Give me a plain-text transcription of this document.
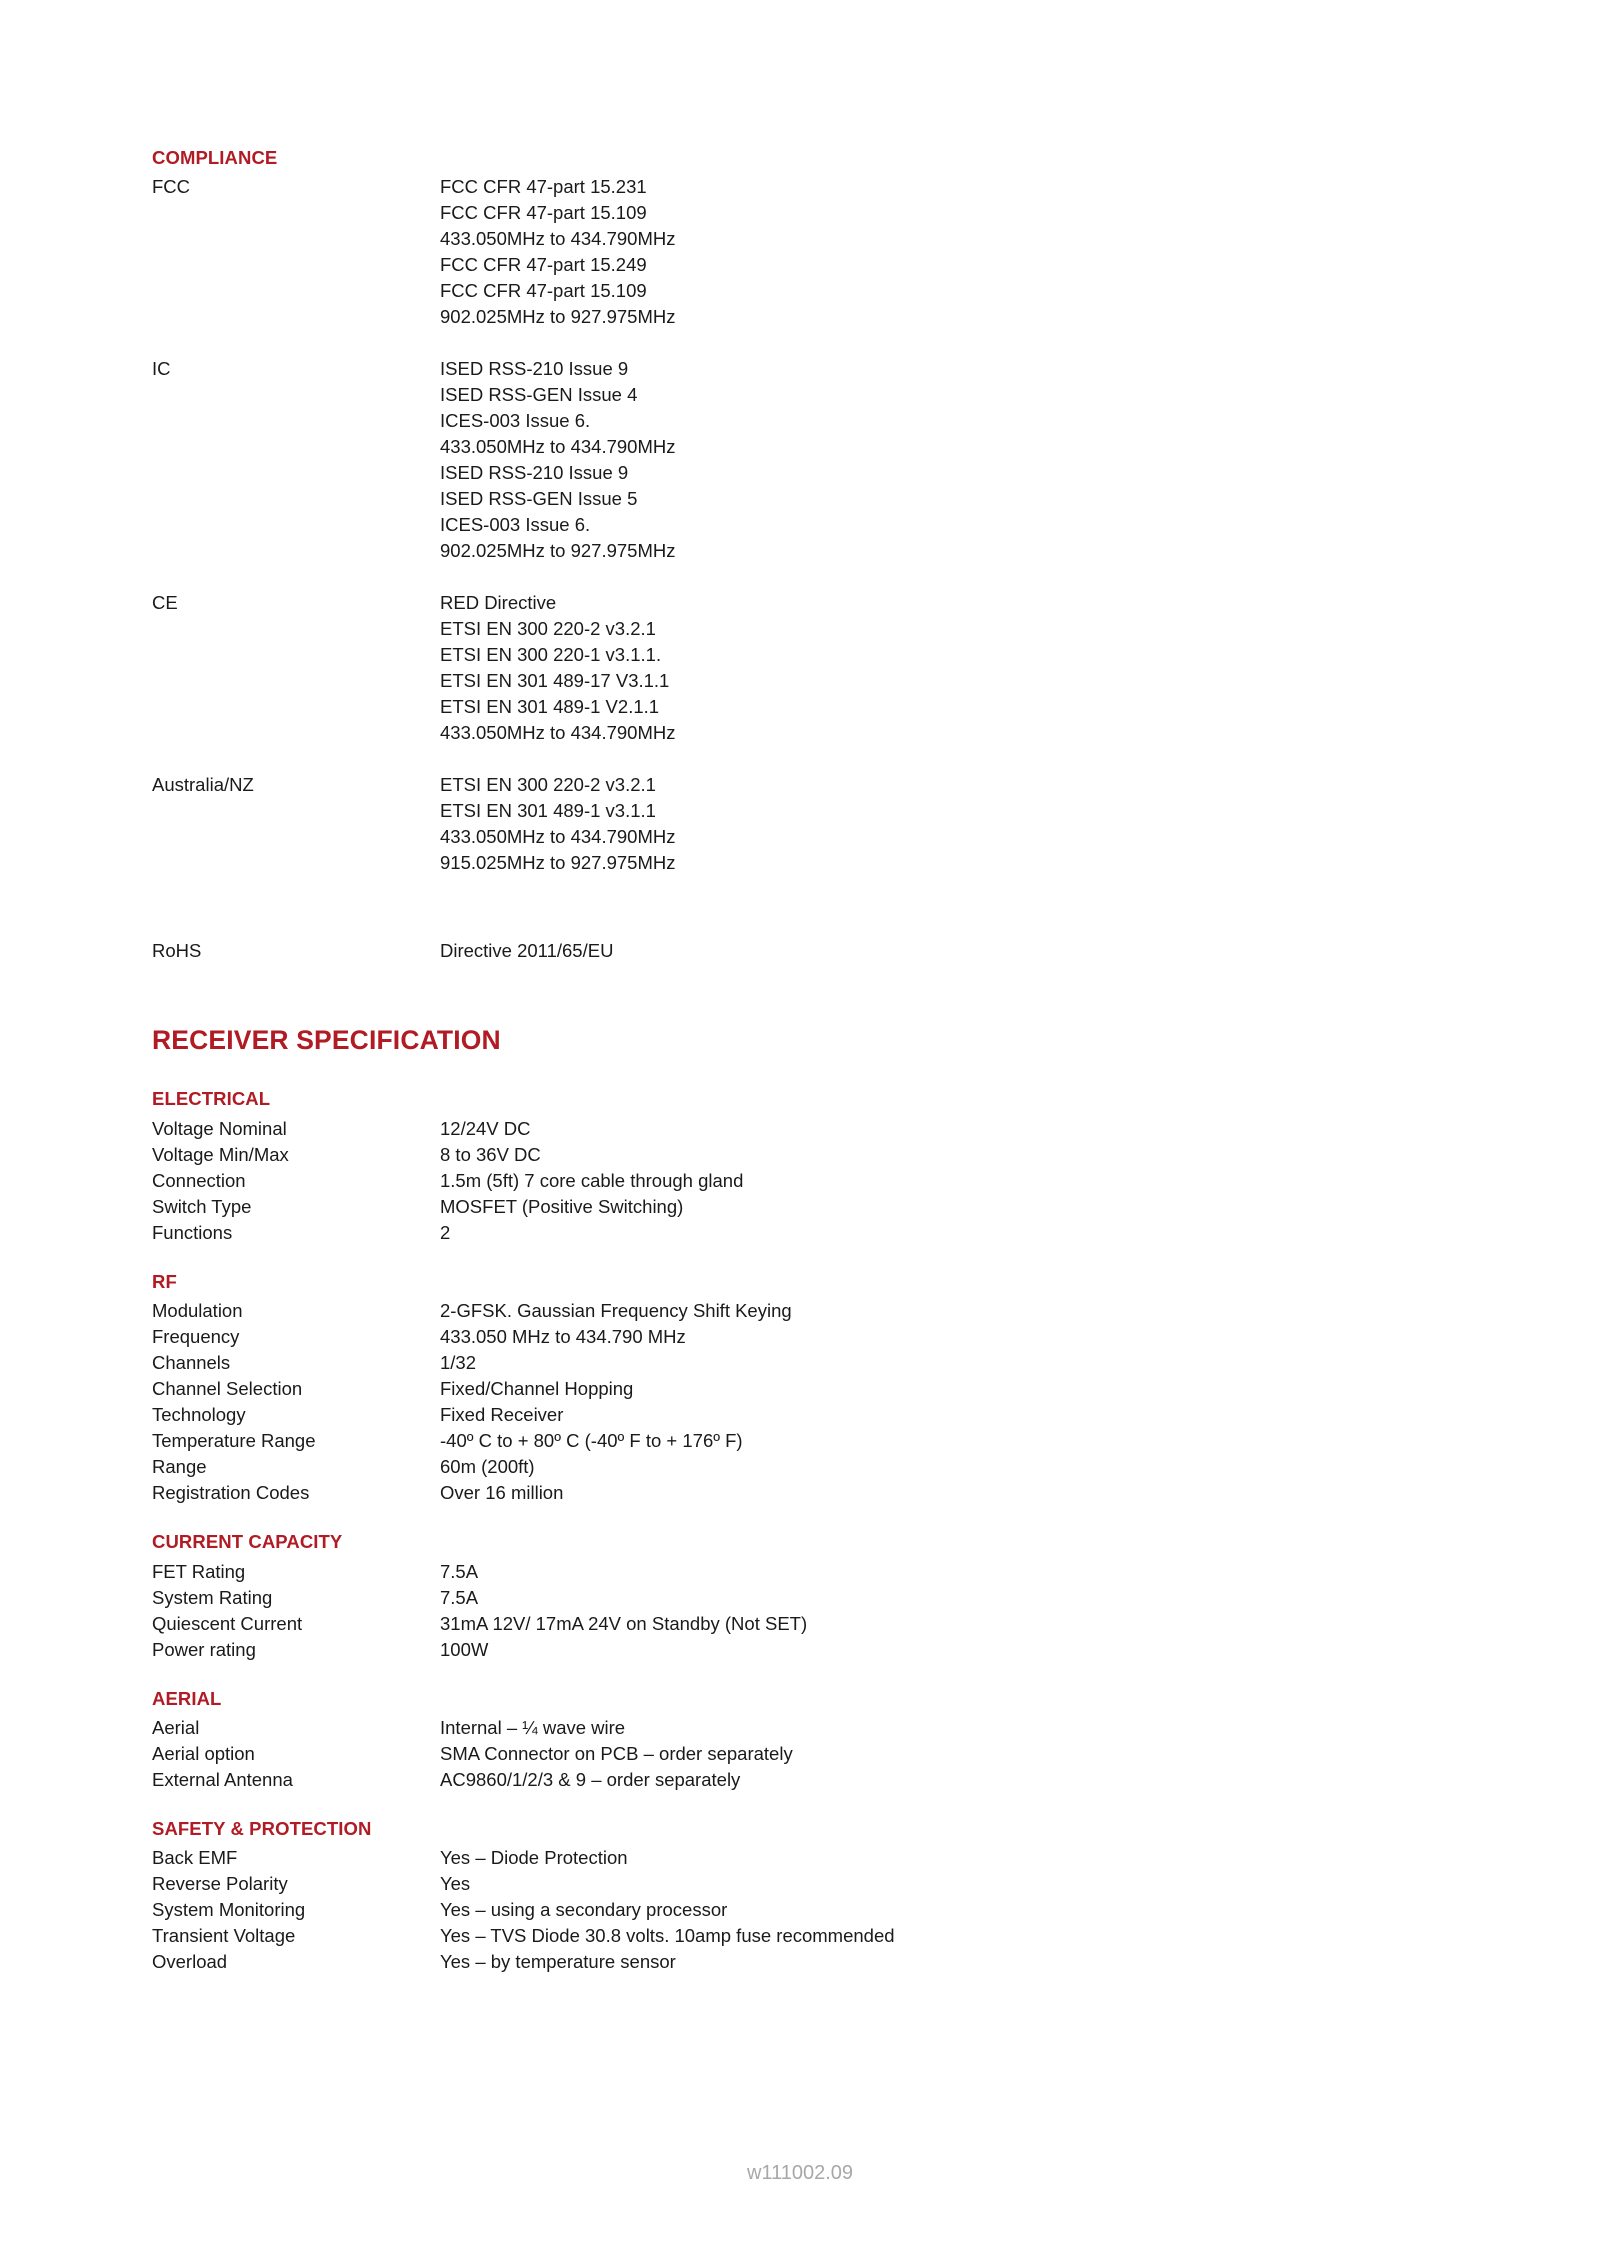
COMPLIANCE
FCC	FCC CFR 47-part 15.231
FCC CFR 47-part 15.109
433.050MHz to 434.790MHz
FCC CFR 47-part 15.249
FCC CFR 47-part 15.109
902.025MHz to 927.975MHz
IC	ISED RSS-210 Issue 9
ISED RSS-GEN Issue 4
ICES-003 Issue 6.
433.050MHz to 434.790MHz
ISED RSS-210 Issue 9
ISED RSS-GEN Issue 5
ICES-003 Issue 6.
902.025MHz to 927.975MHz
CE	RED Directive
ETSI EN 300 220-2 v3.2.1
ETSI EN 300 220-1 v3.1.1.
ETSI EN 301 489-17 V3.1.1
ETSI EN 301 489-1 V2.1.1
433.050MHz to 434.790MHz
Australia/NZ	ETSI EN 300 220-2 v3.2.1
ETSI EN 301 489-1 v3.1.1
433.050MHz to 434.790MHz
915.025MHz to 927.975MHz
RoHS	Directive 2011/65/EU
RECEIVER SPECIFICATION
ELECTRICAL
Voltage Nominal	12/24V DC
Voltage Min/Max	8 to 36V DC
Connection	1.5m (5ft) 7 core cable through gland
Switch Type	MOSFET (Positive Switching)
Functions	2
RF
Modulation	2-GFSK. Gaussian Frequency Shift Keying
Frequency	433.050 MHz to 434.790 MHz
Channels	1/32
Channel Selection	Fixed/Channel Hopping
Technology	Fixed Receiver
Temperature Range	-40º C to + 80º C (-40º F to + 176º F)
Range	60m (200ft)
Registration Codes	Over 16 million
CURRENT CAPACITY
FET Rating	7.5A
System Rating	7.5A
Quiescent Current	31mA 12V/ 17mA 24V on Standby (Not SET)
Power rating	100W
AERIAL
Aerial	Internal – ¼ wave wire
Aerial option	SMA Connector on PCB – order separately
External Antenna	AC9860/1/2/3 & 9 – order separately
SAFETY & PROTECTION
Back EMF	Yes – Diode Protection
Reverse Polarity	Yes
System Monitoring	Yes – using a secondary processor
Transient Voltage	Yes – TVS Diode 30.8 volts. 10amp fuse recommended
Overload	Yes – by temperature sensor
w111002.09
